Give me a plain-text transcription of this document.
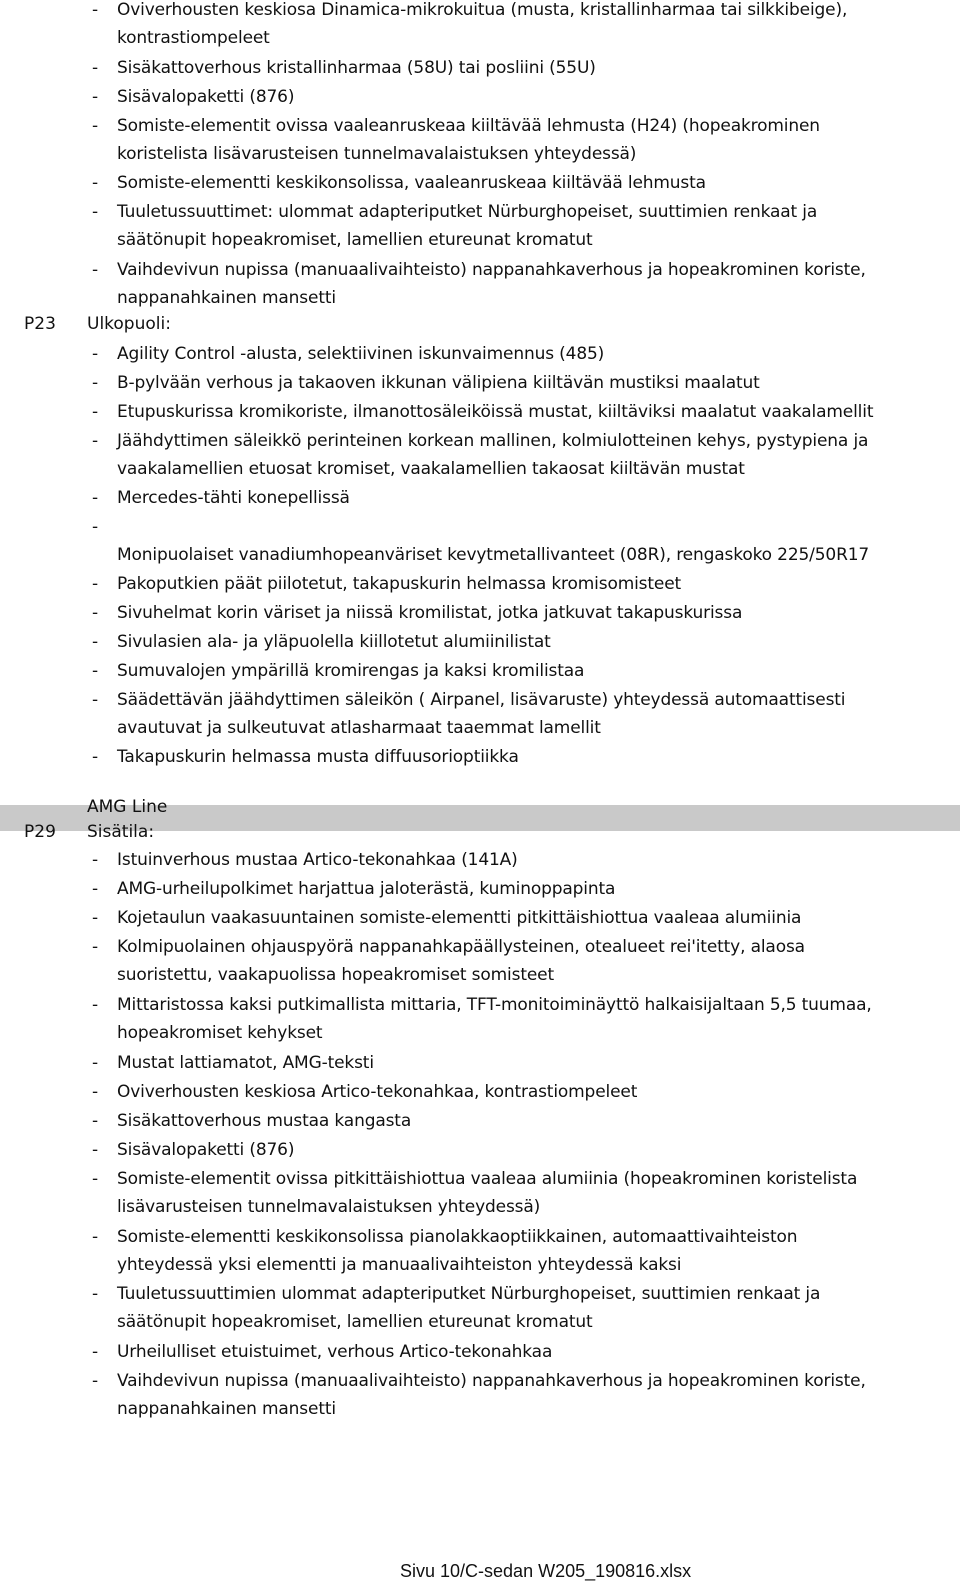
- Oviverhousten keskiosa Dinamica-mikrokuitua (musta, kristallinharmaa tai silkkibeige),
kontrastiompeleet
- Sisäkattoverhous kristallinharmaa (58U) tai posliini (55U)
- Sisävalopaketti (876)
- Somiste-elementit ovissa vaaleanruskeaa kiiltävää lehmusta (H24) (hopeakrominen
koristelista lisävarusteisen tunnelmavalaistuksen yhteydessä)
- Somiste-elementti keskikonsolissa, vaaleanruskeaa kiiltävää lehmusta
- Tuuletussuuttimet: ulommat adapteriputket Nürburghopeiset, suuttimien renkaat ja
säätönupit hopeakromiset, lamellien etureunat kromatut
- Vaihdevivun nupissa (manuaalivaihteisto) nappanahkaverhous ja hopeakrominen koriste,
nappanahkainen mansetti
P23 Ulkopuoli:
- Agility Control -alusta, selektiivinen iskunvaimennus (485)
- B-pylvään verhous ja takaoven ikkunan välipiena kiiltävän mustiksi maalatut
- Etupuskurissa kromikoriste, ilmanottosäleiköissä mustat, kiiltäviksi maalatut vaakalamellit
- Jäähdyttimen säleikkö perinteinen korkean mallinen, kolmiulotteinen kehys, pystypiena ja
vaakalamellien etuosat kromiset, vaakalamellien takaosat kiiltävän mustat
- Mercedes-tähti konepellissä
-
Monipuolaiset vanadiumhopeanväriset kevytmetallivanteet (08R), rengaskoko 225/50R17
- Pakoputkien päät piilotetut, takapuskurin helmassa kromisomisteet
- Sivuhelmat korin väriset ja niissä kromilistat, jotka jatkuvat takapuskurissa
- Sivulasien ala- ja yläpuolella kiillotetut alumiinilistat
- Sumuvalojen ympärillä kromirengas ja kaksi kromilistaa
- Säädettävän jäähdyttimen säleikön ( Airpanel, lisävaruste) yhteydessä automaattisesti
avautuvat ja sulkeutuvat atlasharmaat taaemmat lamellit
- Takapuskurin helmassa musta diffuusorioptiikka
AMG Line
P29 Sisätila:
- Istuinverhous mustaa Artico-tekonahkaa (141A)
- AMG-urheilupolkimet harjattua jaloterästä, kuminoppapinta
- Kojetaulun vaakasuuntainen somiste-elementti pitkittäishiottua vaaleaa alumiinia
- Kolmipuolainen ohjauspyörä nappanahkapäällysteinen, otealueet rei'itetty, alaosa
suoristettu, vaakapuolissa hopeakromiset somisteet
- Mittaristossa kaksi putkimallista mittaria, TFT-monitoiminäyttö halkaisijaltaan 5,5 tuumaa,
hopeakromiset kehykset
- Mustat lattiamatot, AMG-teksti
- Oviverhousten keskiosa Artico-tekonahkaa, kontrastiompeleet
- Sisäkattoverhous mustaa kangasta
- Sisävalopaketti (876)
- Somiste-elementit ovissa pitkittäishiottua vaaleaa alumiinia (hopeakrominen koristelista
lisävarusteisen tunnelmavalaistuksen yhteydessä)
- Somiste-elementti keskikonsolissa pianolakkaoptiikkainen, automaattivaihteiston
yhteydessä yksi elementti ja manuaalivaihteiston yhteydessä kaksi
- Tuuletussuuttimien ulommat adapteriputket Nürburghopeiset, suuttimien renkaat ja
säätönupit hopeakromiset, lamellien etureunat kromatut
- Urheilulliset etuistuimet, verhous Artico-tekonahkaa
- Vaihdevivun nupissa (manuaalivaihteisto) nappanahkaverhous ja hopeakrominen koriste,
nappanahkainen mansetti
Sivu 10/C-sedan W205_190816.xlsx
